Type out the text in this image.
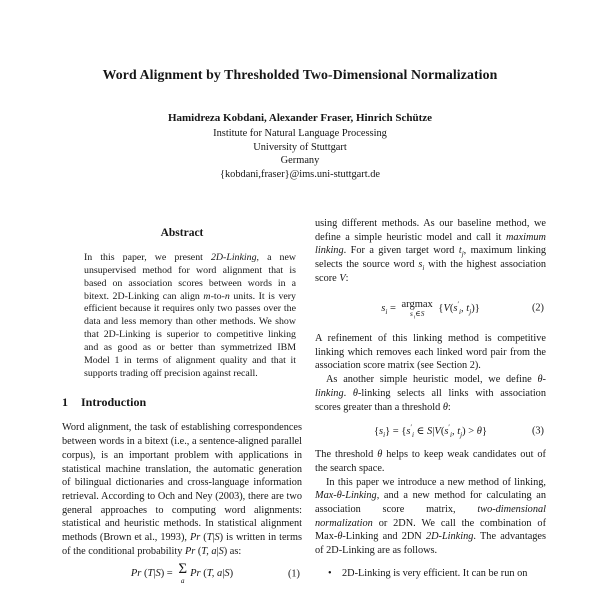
Word Alignment by Thresholded Two-Dimensional Normalization
Hamidreza Kobdani, Alexander Fraser, Hinrich Schütze
Institute for Natural Language Processing
University of Stuttgart
Germany
{kobdani,fraser}@ims.uni-stuttgart.de
Abstract

In this paper, we present 2D-Linking, a new unsupervised method for word alignment that is based on association scores between words in a bitext. 2D-Linking can align m-to-n units. It is very efficient because it requires only two passes over the data and less memory than other methods. We show that 2D-Linking is superior to competitive linking and as good as or better than symmetrized IBM Model 1 in terms of alignment quality and that it supports trading off precision against recall.

1 Introduction

Word alignment, the task of establishing correspondences between words in a bitext (i.e., a sentence-aligned parallel corpus), is an important problem with applications in statistical machine translation, the automatic generation of bilingual dictionaries and cross-language information retrieval. According to Och and Ney (2003), there are two general approaches to computing word alignments: statistical and heuristic methods. In statistical alignment methods (Brown et al., 1993), Pr (T|S) is written in terms of the conditional probability Pr (T, a|S) as:

Pr (T|S) = Σ
a
Pr (T, a|S)	(1)

using different methods. As our baseline method, we define a simple heuristic model and call it maximum linking. For a given target word $t_j$, maximum linking selects the source word $s_i$ with the highest association score V:

$s_i = argmax$
$s'_i\in S$ {$V(s'_i$, $t_j$)}	(2)

A refinement of this linking method is competitive linking which removes each linked word pair from the association score matrix (see Section 2).

As another simple heuristic model, we define θ-linking. θ-linking selects all links with association scores greater than a threshold θ:

$\{s_i\} = \{s'_i$ ∈ $S|V(s'_i$, $t_j) > \theta$}	(3)

The threshold θ helps to keep weak candidates out of the search space.

In this paper we introduce a new method of linking, Max-θ-Linking, and a new method for calculating an association score matrix, two-dimensional normalization or 2DN. We call the combination of Max-θ-Linking and 2DN 2D-Linking. The advantages of 2D-Linking are as follows.

•	2D-Linking is very efficient. It can be run on
